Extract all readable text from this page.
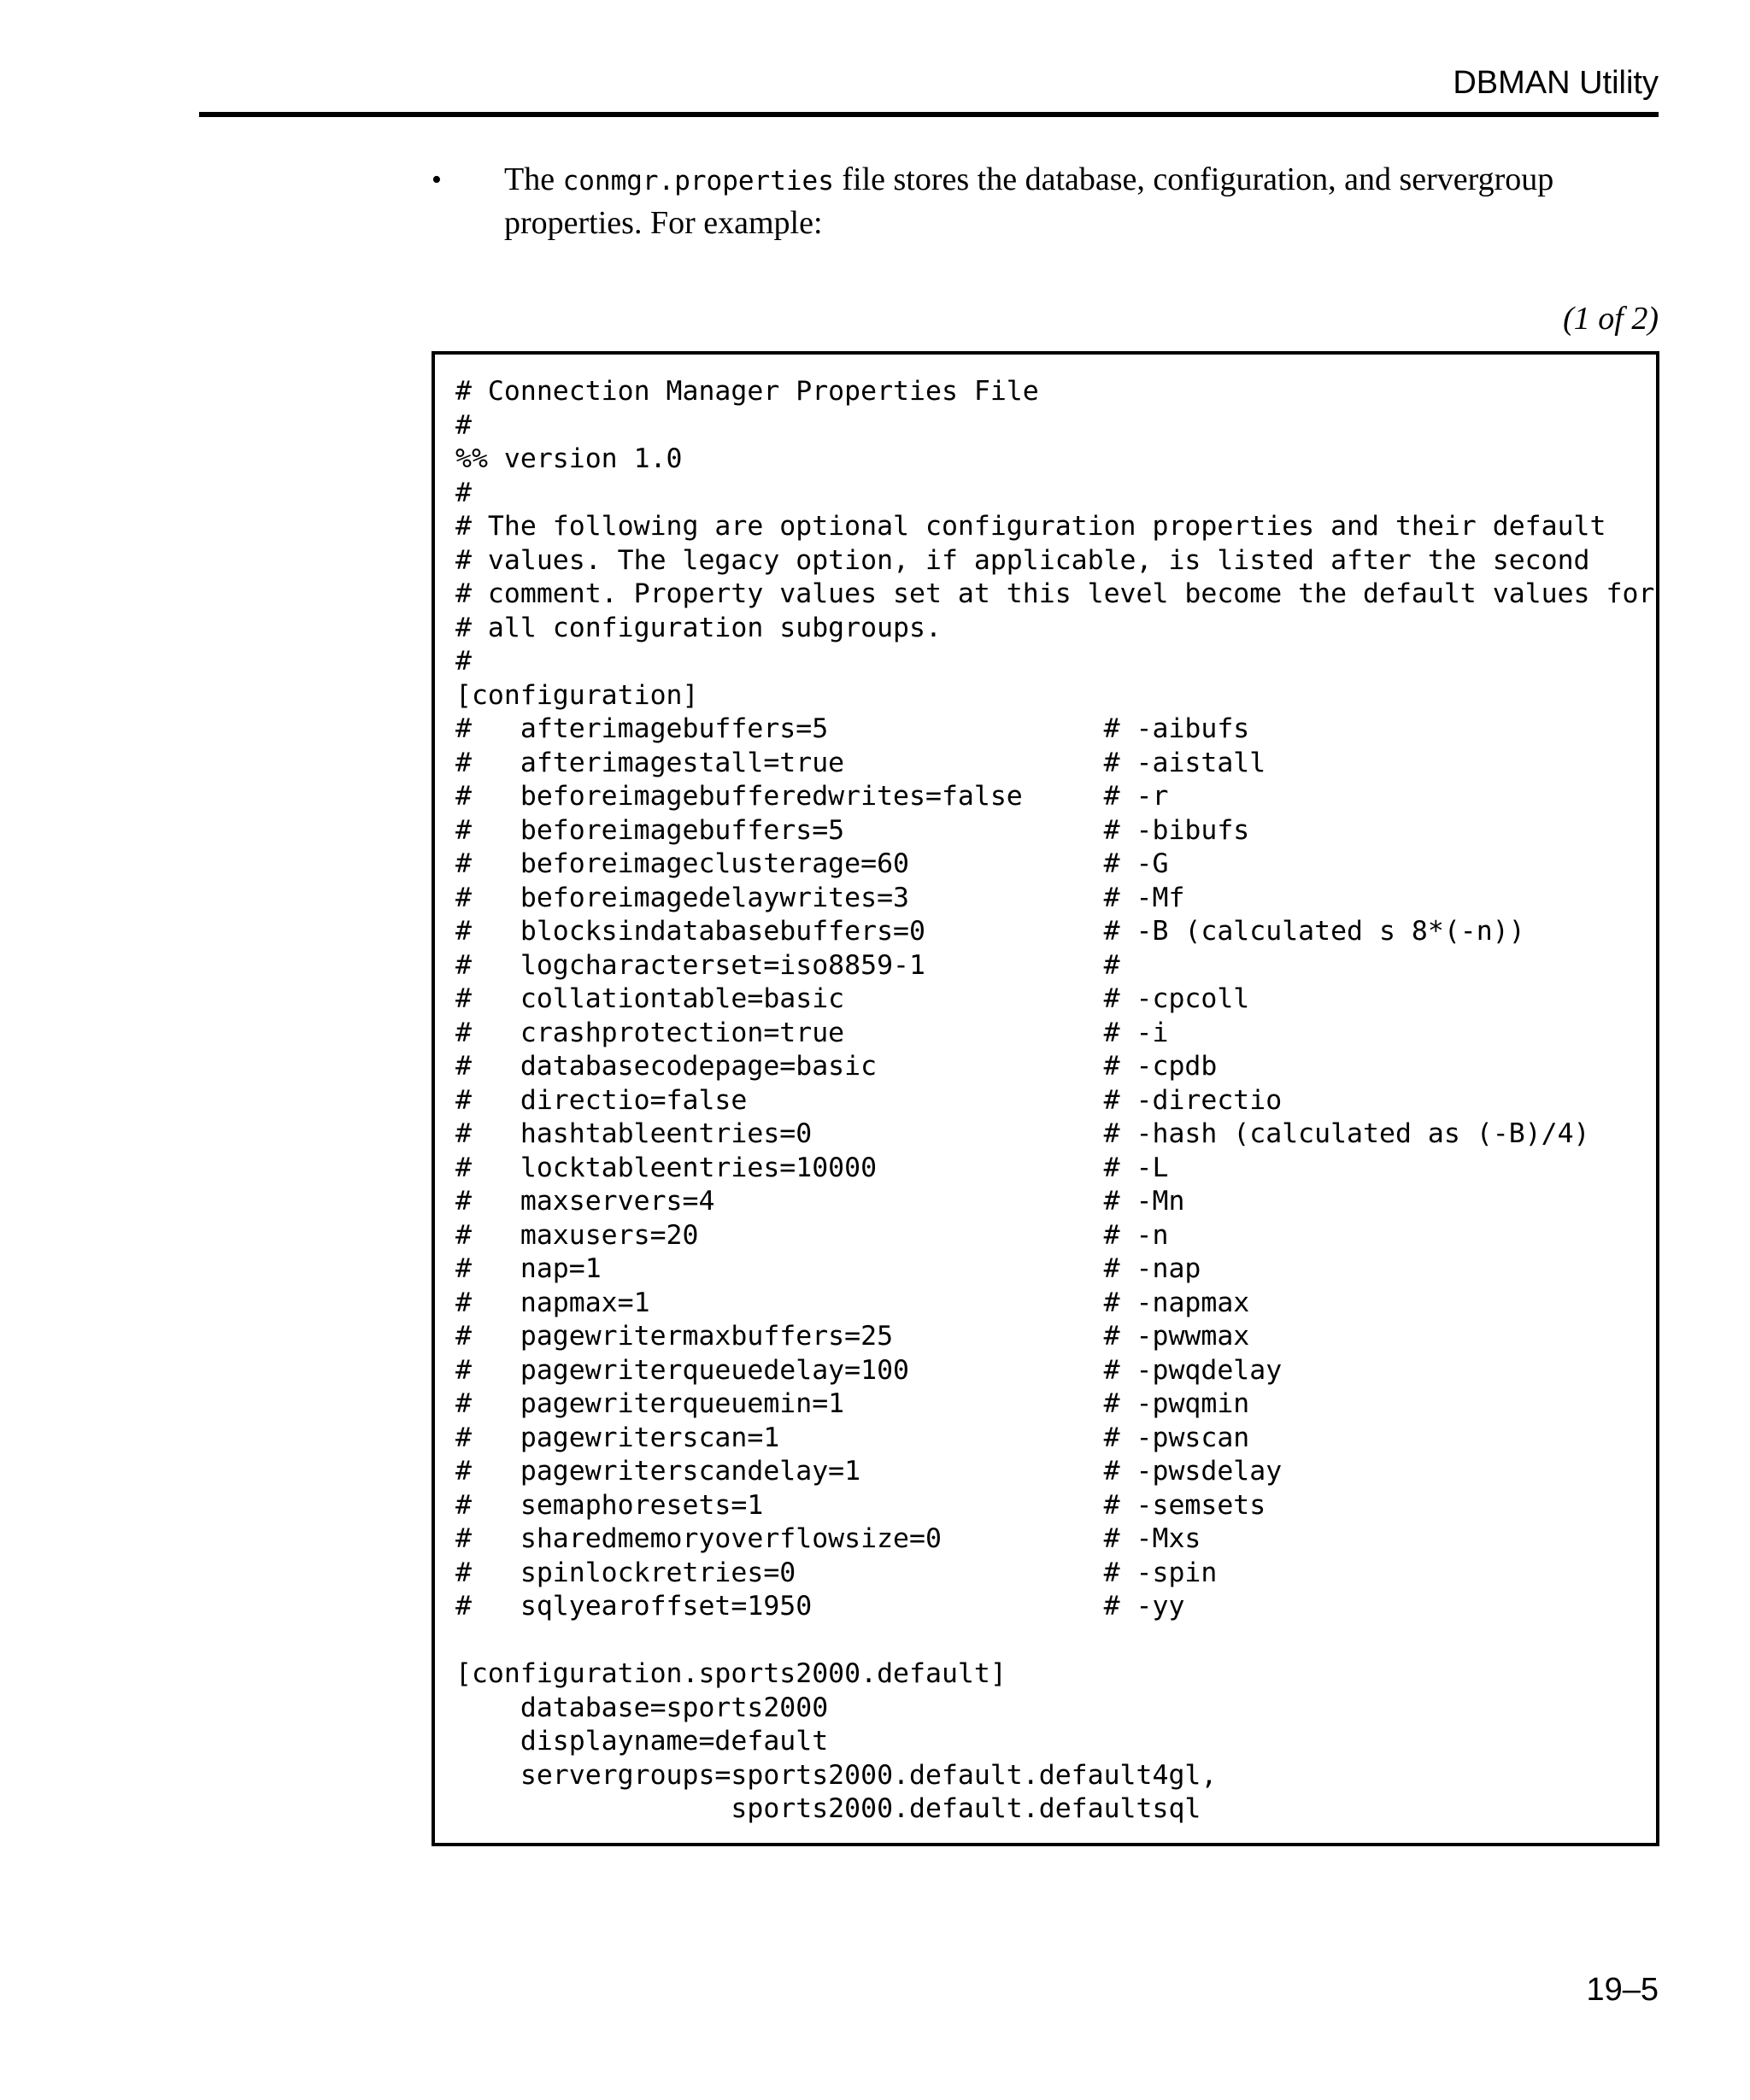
DBMAN Utility
• The conmgr.properties file stores the database, configuration, and servergroup properties. For example:
(1 of 2)
# Connection Manager Properties File
#
%% version 1.0
#
# The following are optional configuration properties and their default
# values. The legacy option, if applicable, is listed after the second
# comment. Property values set at this level become the default values for
# all configuration subgroups.
#
[configuration]
#   afterimagebuffers=5                 # -aibufs
#   afterimagestall=true                # -aistall
#   beforeimagebufferedwrites=false     # -r
#   beforeimagebuffers=5                # -bibufs
#   beforeimageclusterage=60            # -G
#   beforeimagedelaywrites=3            # -Mf
#   blocksindatabasebuffers=0           # -B (calculated s 8*(-n))
#   logcharacterset=iso8859-1           #
#   collationtable=basic                # -cpcoll
#   crashprotection=true                # -i
#   databasecodepage=basic              # -cpdb
#   directio=false                      # -directio
#   hashtableentries=0                  # -hash (calculated as (-B)/4)
#   locktableentries=10000              # -L
#   maxservers=4                        # -Mn
#   maxusers=20                         # -n
#   nap=1                               # -nap
#   napmax=1                            # -napmax
#   pagewritermaxbuffers=25             # -pwwmax
#   pagewriterqueuedelay=100            # -pwqdelay
#   pagewriterqueuemin=1                # -pwqmin
#   pagewriterscan=1                    # -pwscan
#   pagewriterscandelay=1               # -pwsdelay
#   semaphoresets=1                     # -semsets
#   sharedmemoryoverflowsize=0          # -Mxs
#   spinlockretries=0                   # -spin
#   sqlyearoffset=1950                  # -yy

[configuration.sports2000.default]
database=sports2000
displayname=default
servergroups=sports2000.default.default4gl,
sports2000.default.defaultsql
19–5
